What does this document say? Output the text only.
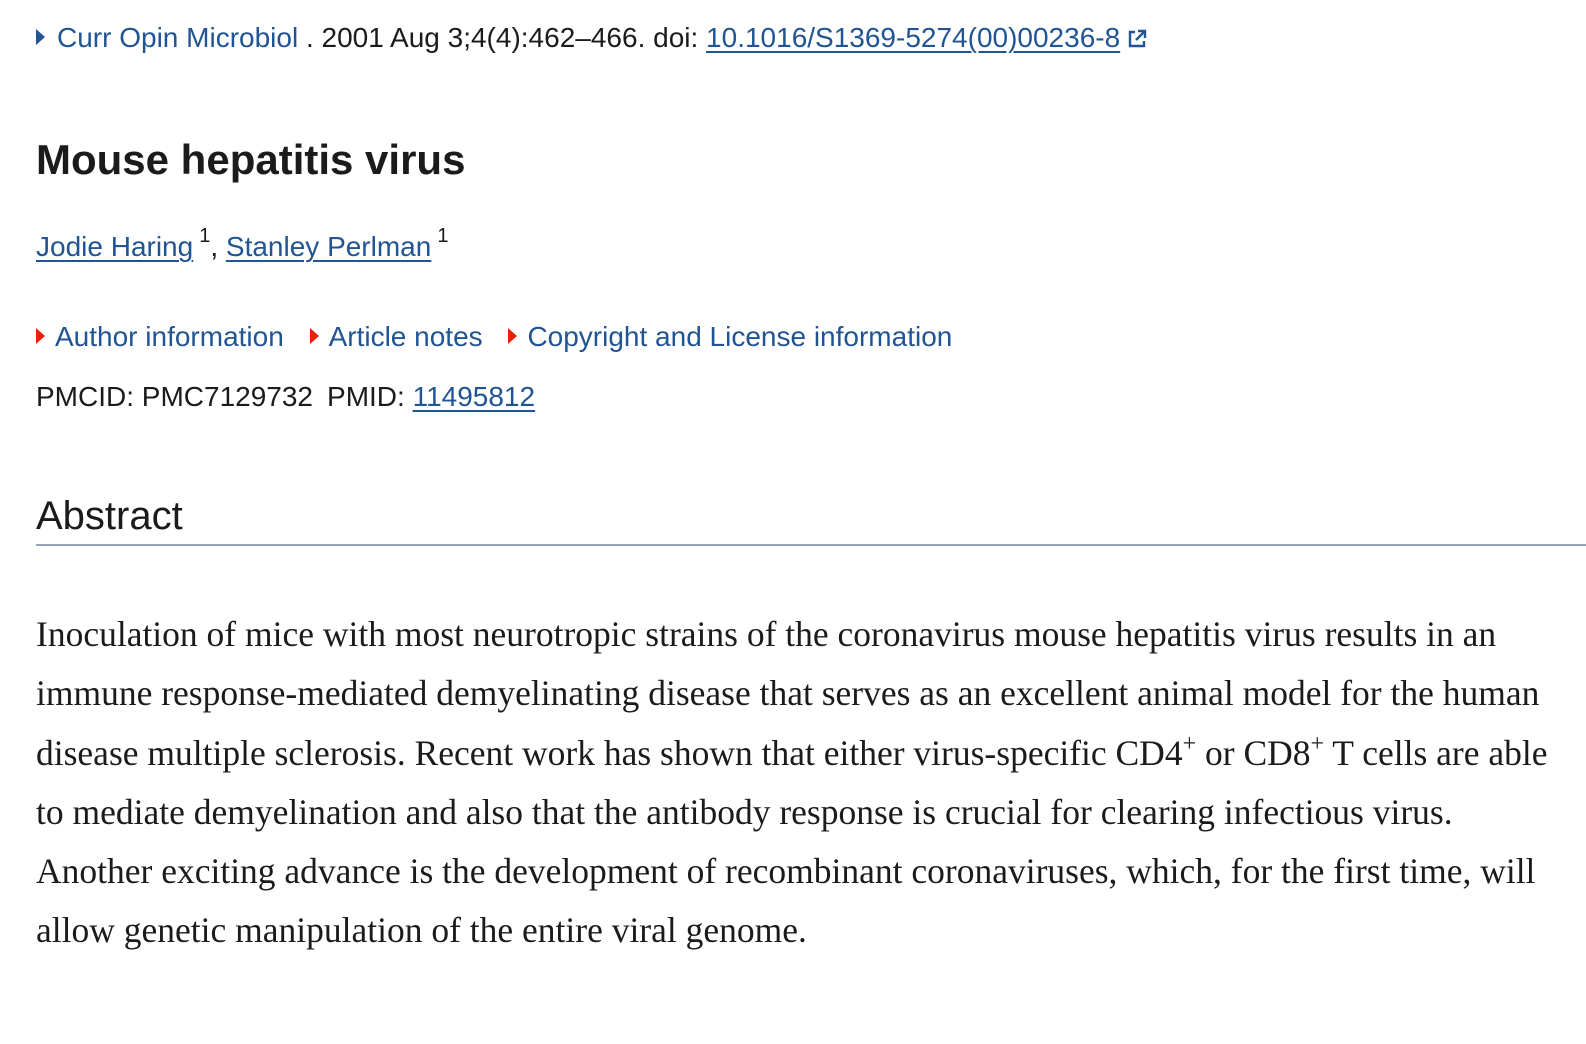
Curr Opin Microbiol . 2001 Aug 3;4(4):462–466. doi: 10.1016/S1369-5274(00)00236-8
Mouse hepatitis virus
Jodie Haring $^1$, Stanley Perlman $^1$
Author information Article notes Copyright and License information
PMCID: PMC7129732 PMID: 11495812
Abstract

Inoculation of mice with most neurotropic strains of the coronavirus mouse hepatitis virus results in an immune response-mediated demyelinating disease that serves as an excellent animal model for the human disease multiple sclerosis. Recent work has shown that either virus-specific CD4+ or CD8+ T cells are able to mediate demyelination and also that the antibody response is crucial for clearing infectious virus. Another exciting advance is the development of recombinant coronaviruses, which, for the first time, will allow genetic manipulation of the entire viral genome.
